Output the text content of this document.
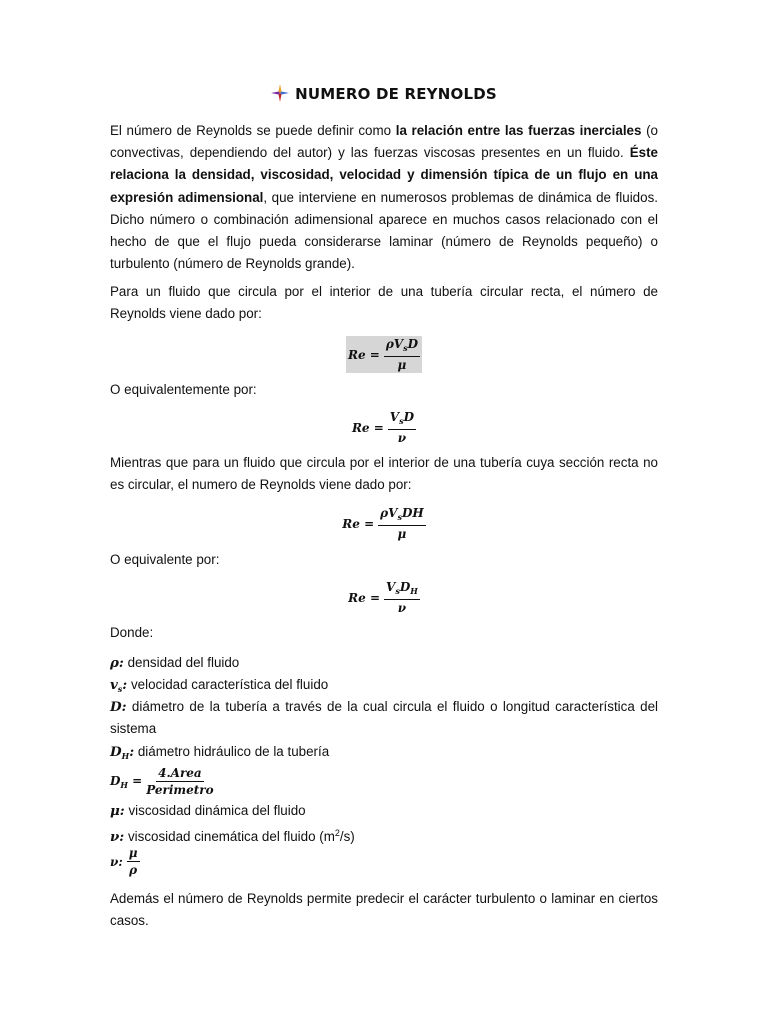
NUMERO DE REYNOLDS
El número de Reynolds se puede definir como la relación entre las fuerzas inerciales (o convectivas, dependiendo del autor) y las fuerzas viscosas presentes en un fluido. Éste relaciona la densidad, viscosidad, velocidad y dimensión típica de un flujo en una expresión adimensional, que interviene en numerosos problemas de dinámica de fluidos. Dicho número o combinación adimensional aparece en muchos casos relacionado con el hecho de que el flujo pueda considerarse laminar (número de Reynolds pequeño) o turbulento (número de Reynolds grande).
Para un fluido que circula por el interior de una tubería circular recta, el número de Reynolds viene dado por:
$Re = \frac{\rho V_sD}{\mu}$
O equivalentemente por:
$Re = \frac{V_sD}{\nu}$
Mientras que para un fluido que circula por el interior de una tubería cuya sección recta no es circular, el numero de Reynolds viene dado por:
$Re = \frac{\rho V_sDH}{\mu}$
O equivalente por:
$Re = \frac{V_sD_H}{\nu}$
Donde:
ρ: densidad del fluido
$v_s$: velocidad característica del fluido
D: diámetro de la tubería a través de la cual circula el fluido o longitud característica del sistema
$D_H$: diámetro hidráulico de la tubería
$D_H = \frac{\text{4.Area}}{\text{Perimetro}}$
μ: viscosidad dinámica del fluido
ν: viscosidad cinemática del fluido $(m^2/s)$
ν: $\frac{\mu}{\rho}$
Además el número de Reynolds permite predecir el carácter turbulento o laminar en ciertos casos.
